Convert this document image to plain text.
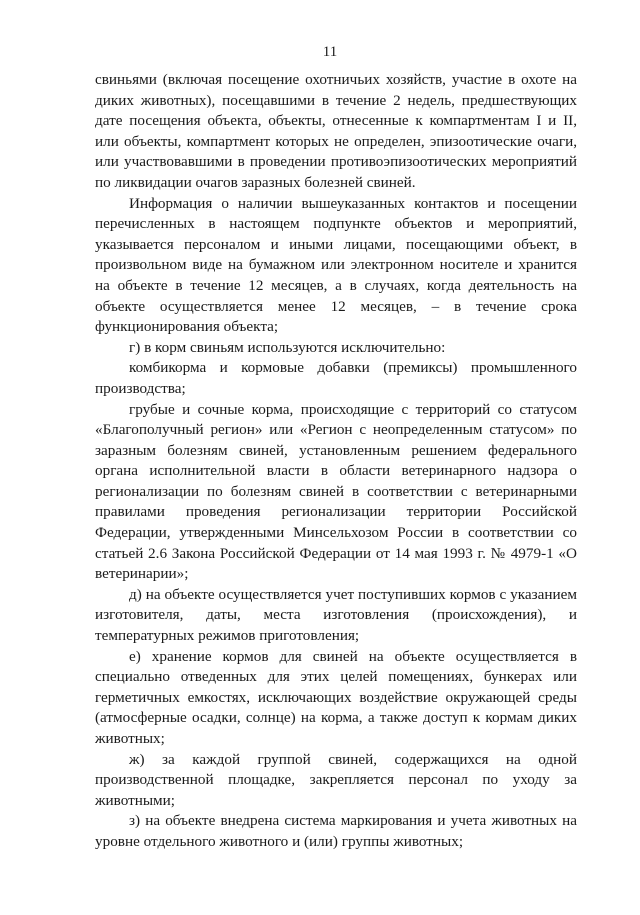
11

свиньями (включая посещение охотничьих хозяйств, участие в охоте на диких животных), посещавшими в течение 2 недель, предшествующих дате посещения объекта, объекты, отнесенные к компартментам I и II, или объекты, компартмент которых не определен, эпизоотические очаги, или участвовавшими в проведении противоэпизоотических мероприятий по ликвидации очагов заразных болезней свиней.

Информация о наличии вышеуказанных контактов и посещении перечисленных в настоящем подпункте объектов и мероприятий, указывается персоналом и иными лицами, посещающими объект, в произвольном виде на бумажном или электронном носителе и хранится на объекте в течение 12 месяцев, а в случаях, когда деятельность на объекте осуществляется менее 12 месяцев, – в течение срока функционирования объекта;

г) в корм свиньям используются исключительно:

комбикорма и кормовые добавки (премиксы) промышленного производства;

грубые и сочные корма, происходящие с территорий со статусом «Благополучный регион» или «Регион с неопределенным статусом» по заразным болезням свиней, установленным решением федерального органа исполнительной власти в области ветеринарного надзора о регионализации по болезням свиней в соответствии с ветеринарными правилами проведения регионализации территории Российской Федерации, утвержденными Минсельхозом России в соответствии со статьей 2.6 Закона Российской Федерации от 14 мая 1993 г. № 4979-1 «О ветеринарии»;

д) на объекте осуществляется учет поступивших кормов с указанием изготовителя, даты, места изготовления (происхождения), и температурных режимов приготовления;

е) хранение кормов для свиней на объекте осуществляется в специально отведенных для этих целей помещениях, бункерах или герметичных емкостях, исключающих воздействие окружающей среды (атмосферные осадки, солнце) на корма, а также доступ к кормам диких животных;

ж) за каждой группой свиней, содержащихся на одной производственной площадке, закрепляется персонал по уходу за животными;

з) на объекте внедрена система маркирования и учета животных на уровне отдельного животного и (или) группы животных;
